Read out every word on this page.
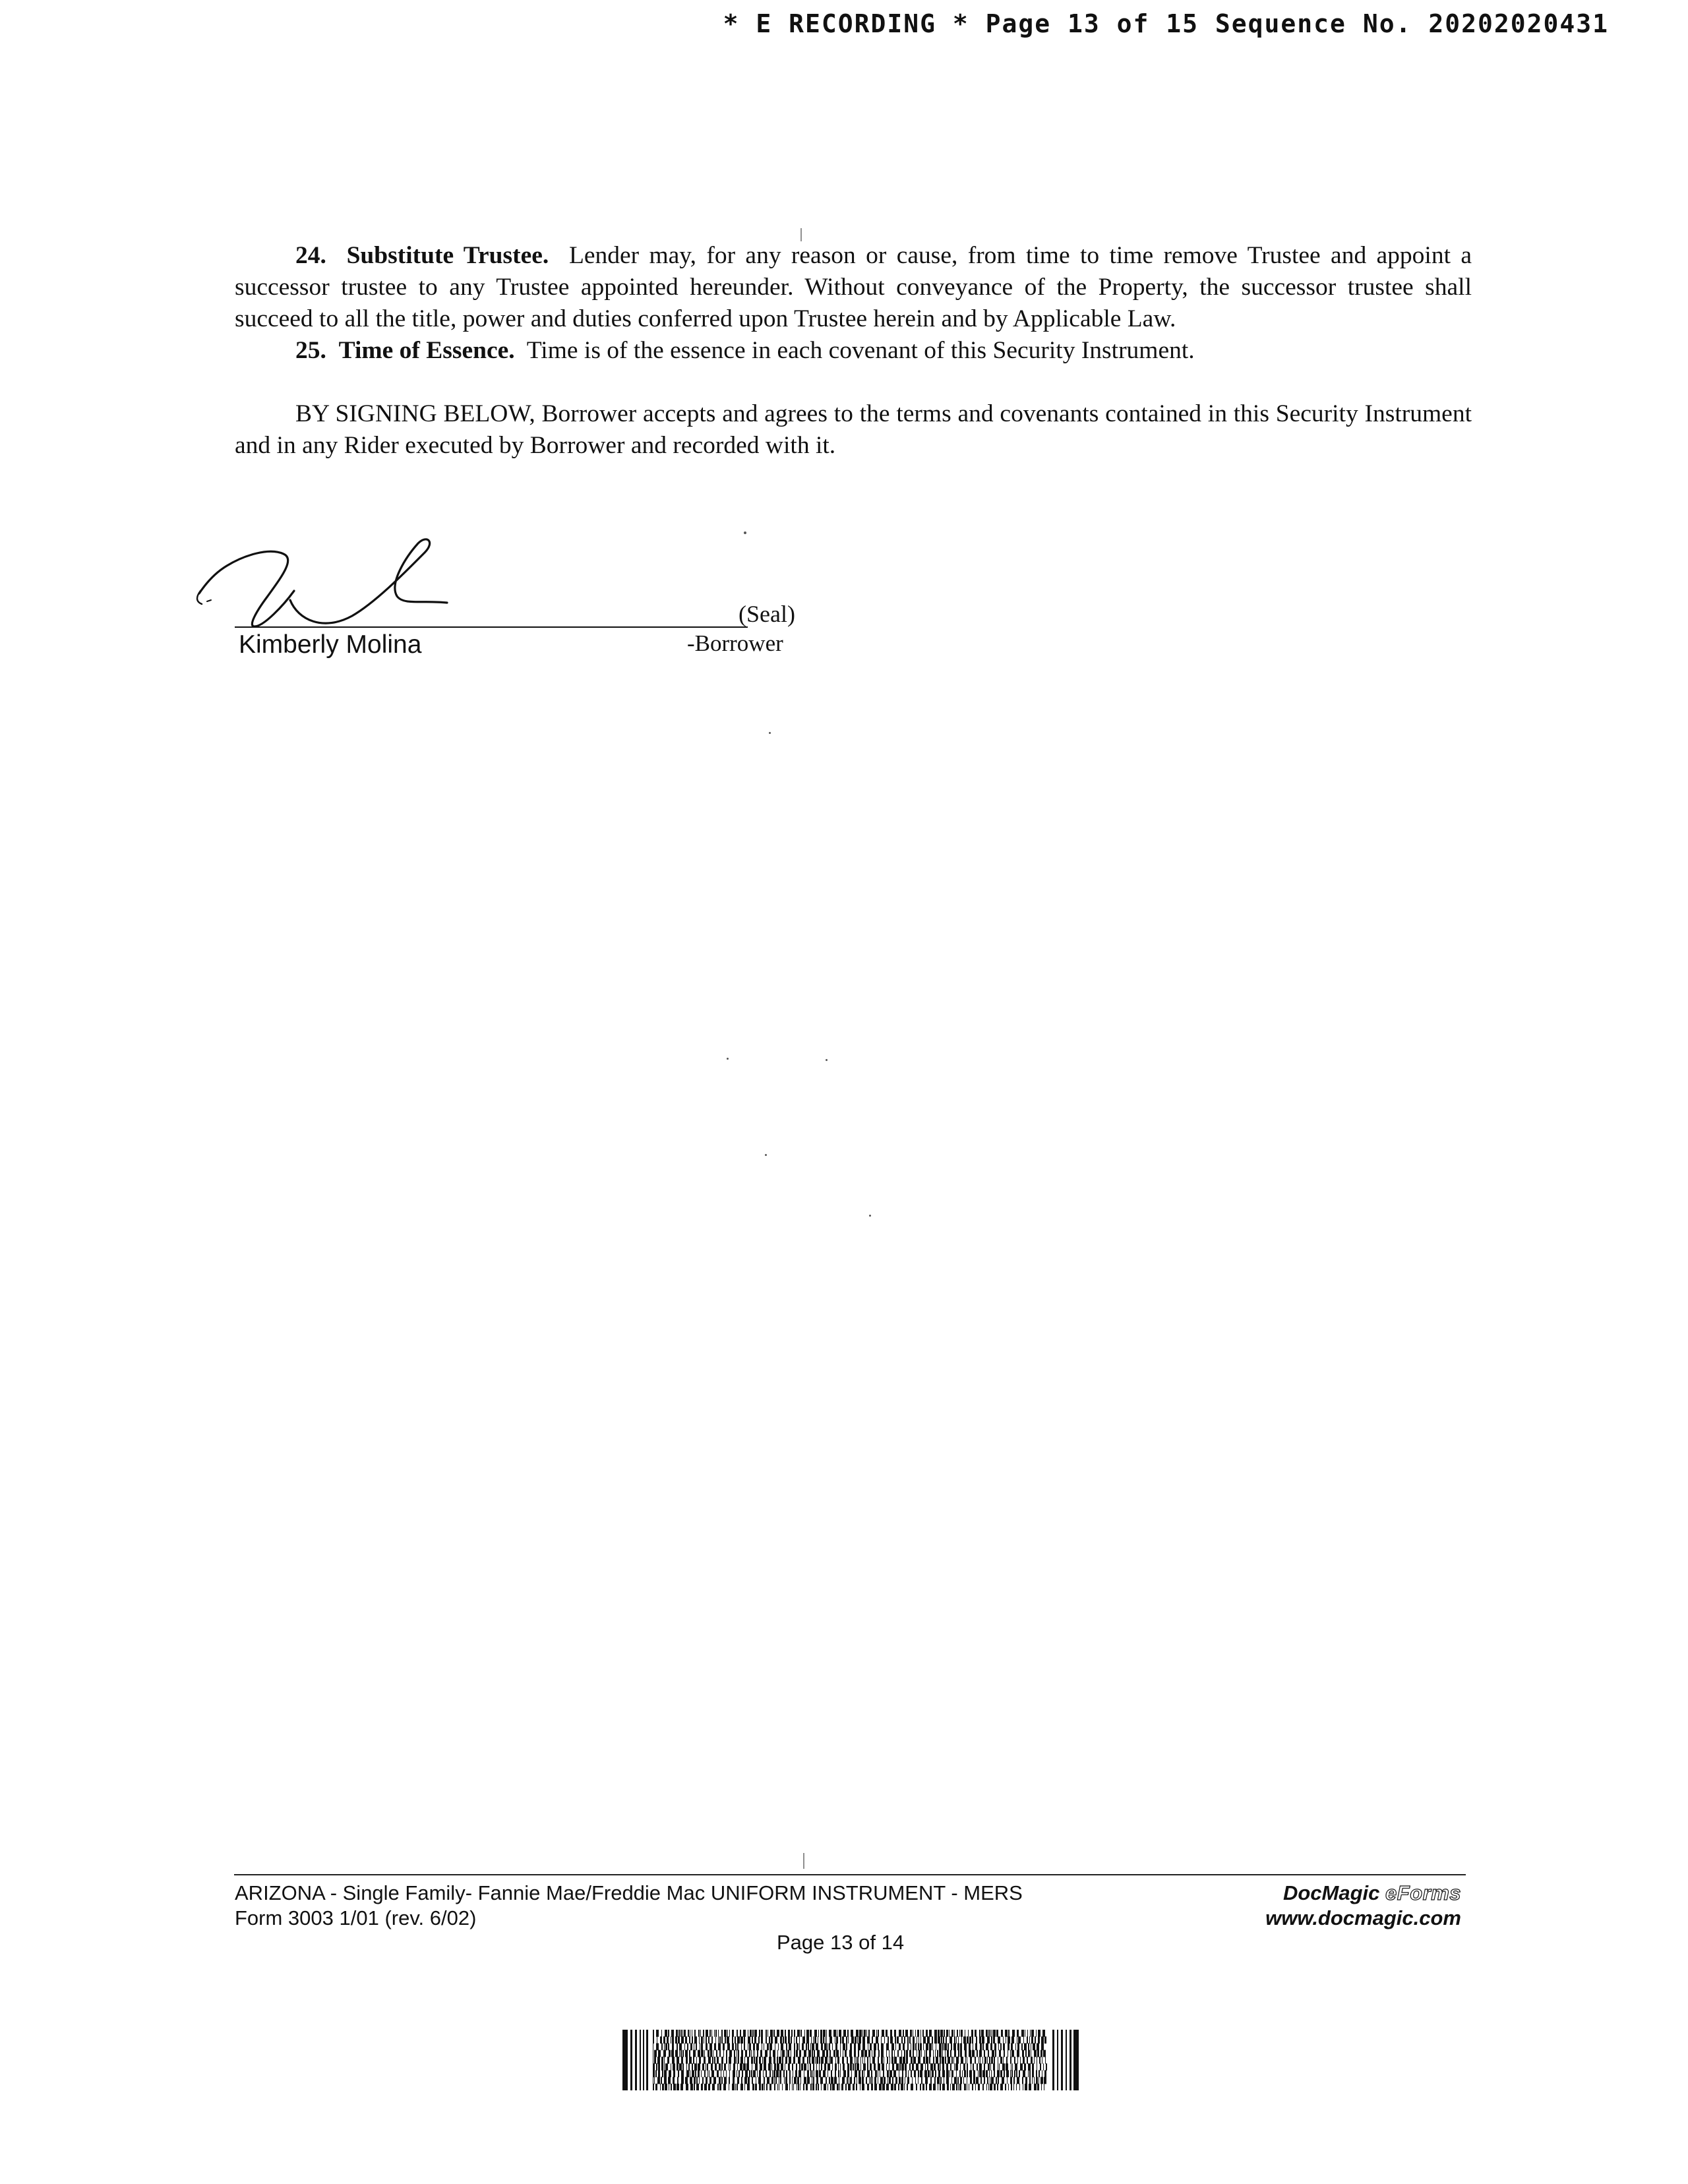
* E RECORDING * Page 13 of 15 Sequence No. 20202020431

24. Substitute Trustee. Lender may, for any reason or cause, from time to time remove Trustee and appoint a successor trustee to any Trustee appointed hereunder. Without conveyance of the Property, the successor trustee shall succeed to all the title, power and duties conferred upon Trustee herein and by Applicable Law.

25. Time of Essence. Time is of the essence in each covenant of this Security Instrument.

BY SIGNING BELOW, Borrower accepts and agrees to the terms and covenants contained in this Security Instrument and in any Rider executed by Borrower and recorded with it.

(Seal)
Kimberly Molina	-Borrower
ARIZONA - Single Family- Fannie Mae/Freddie Mac UNIFORM INSTRUMENT - MERS
Form 3003 1/01 (rev. 6/02)
Page 13 of 14
DocMagic eForms
www.docmagic.com
